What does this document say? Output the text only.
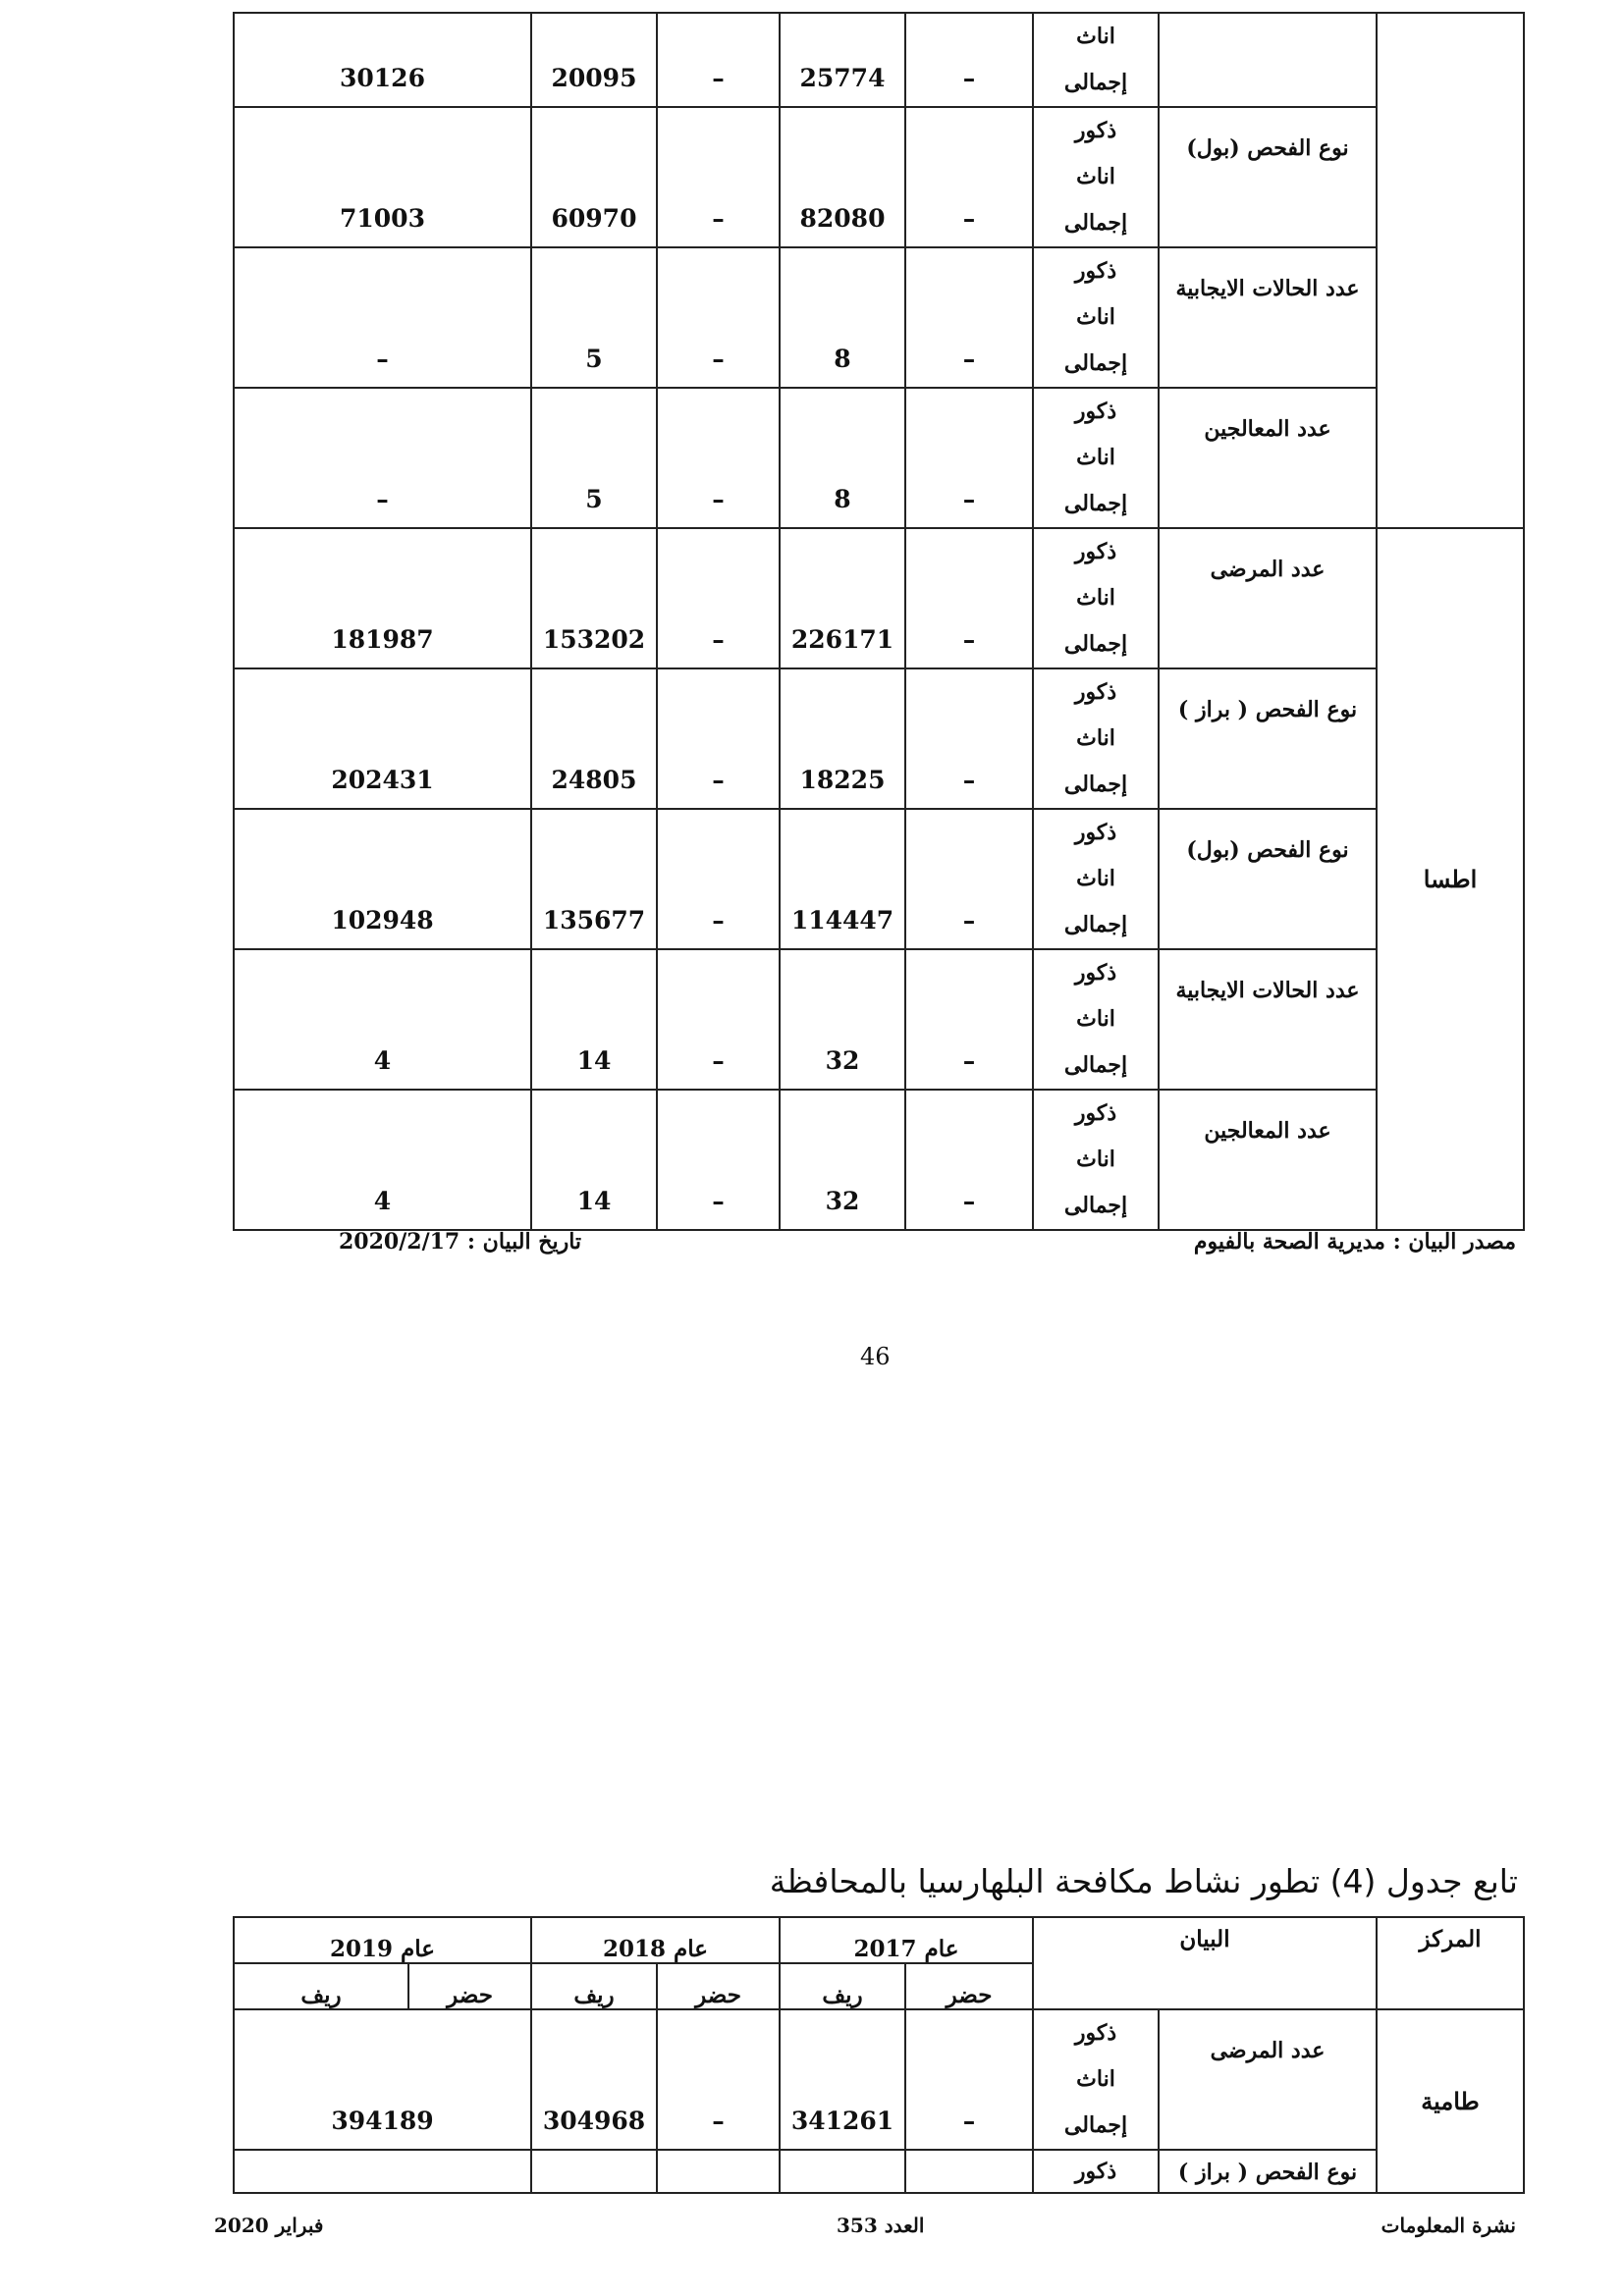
		اناث
إجمالى	–	25774	–	20095	30126
	نوع الفحص (بول)	ذكور
اناث
إجمالى	–	82080	–	60970	71003
	عدد الحالات الايجابية	ذكور
اناث
إجمالى	–	8	–	5	–
	عدد المعالجين	ذكور
اناث
إجمالى	–	8	–	5	–
اطسا	عدد المرضى	ذكور
اناث
إجمالى	–	226171	–	153202	181987
	نوع الفحص ( براز )	ذكور
اناث
إجمالى	–	18225	–	24805	202431
	نوع الفحص (بول)	ذكور
اناث
إجمالى	–	114447	–	135677	102948
	عدد الحالات الايجابية	ذكور
اناث
إجمالى	–	32	–	14	4
	عدد المعالجين	ذكور
اناث
إجمالى	–	32	–	14	4
مصدر البيان : مديرية الصحة بالفيوم
تاريخ البيان : 2020/2/17
46
تابع جدول (4) تطور نشاط مكافحة البلهارسيا بالمحافظة
المركز	البيان		عام 2017		عام 2018		عام 2019	
			حضر	ريف	حضر	ريف	حضر	ريف
طامية	عدد المرضى	ذكور
اناث
إجمالى	–	341261	–	304968	394189	
	نوع الفحص ( براز )	ذكور						
نشرة المعلومات
العدد 353
فبراير 2020
